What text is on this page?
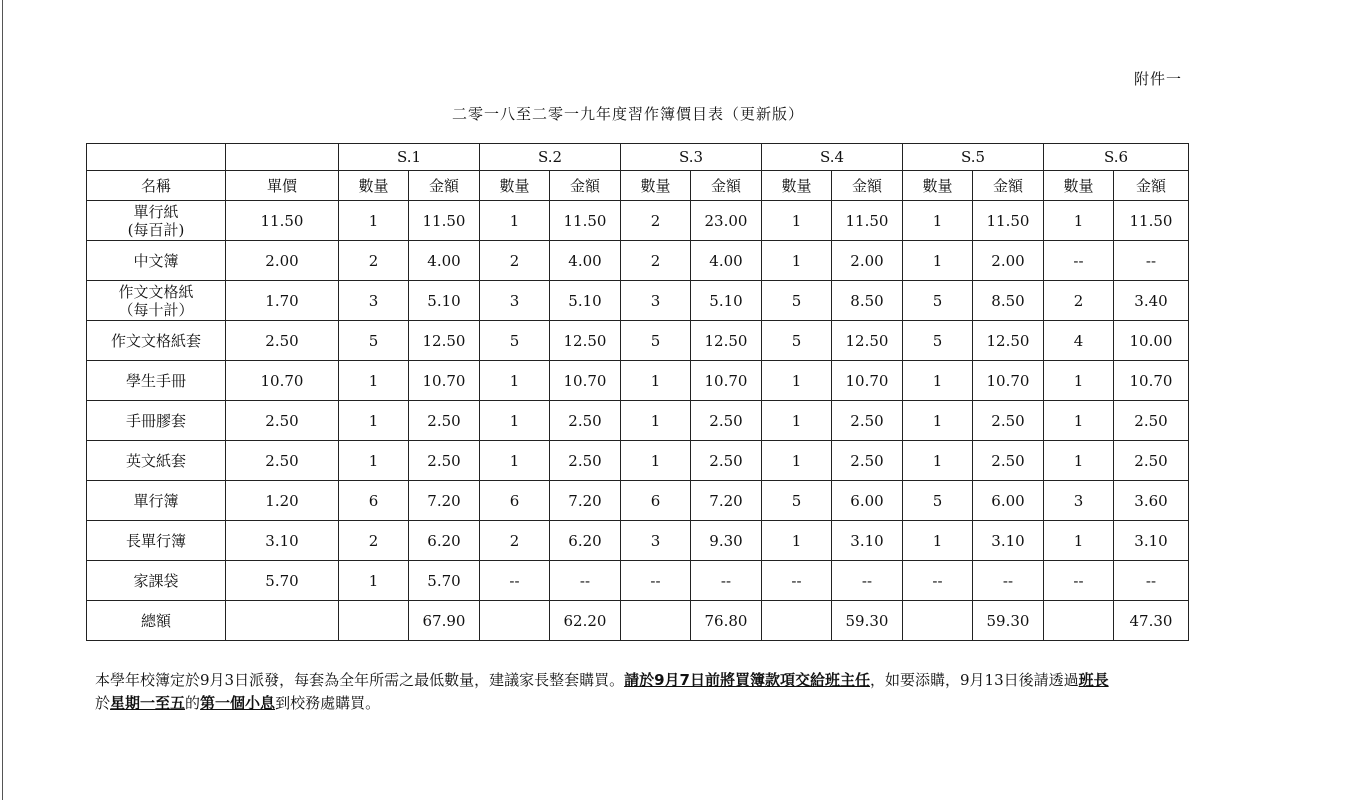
附件一
二零一八至二零一九年度習作簿價目表（更新版）
		S.1		S.2		S.3		S.4		S.5		S.6	
名稱	單價	數量	金額	數量	金額	數量	金額	數量	金額	數量	金額	數量	金額

單行紙
(每百計)	11.50	1	11.50	1	11.50	2	23.00	1	11.50	1	11.50	1	11.50

中文簿	2.00	2	4.00	2	4.00	2	4.00	1	2.00	1	2.00	--	--

作文文格紙
（每十計）	1.70	3	5.10	3	5.10	3	5.10	5	8.50	5	8.50	2	3.40

作文文格紙套	2.50	5	12.50	5	12.50	5	12.50	5	12.50	5	12.50	4	10.00

學生手冊	10.70	1	10.70	1	10.70	1	10.70	1	10.70	1	10.70	1	10.70

手冊膠套	2.50	1	2.50	1	2.50	1	2.50	1	2.50	1	2.50	1	2.50

英文紙套	2.50	1	2.50	1	2.50	1	2.50	1	2.50	1	2.50	1	2.50

單行簿	1.20	6	7.20	6	7.20	6	7.20	5	6.00	5	6.00	3	3.60

長單行簿	3.10	2	6.20	2	6.20	3	9.30	1	3.10	1	3.10	1	3.10

家課袋	5.70	1	5.70	--	--	--	--	--	--	--	--	--	--
總額			67.90		62.20		76.80		59.30		59.30		47.30
本學年校簿定於9月3日派發，每套為全年所需之最低數量，建議家長整套購買。請於9月7日前將買簿款項交給班主任，如要添購，9月13日後請透過班長
於星期一至五的第一個小息到校務處購買。
